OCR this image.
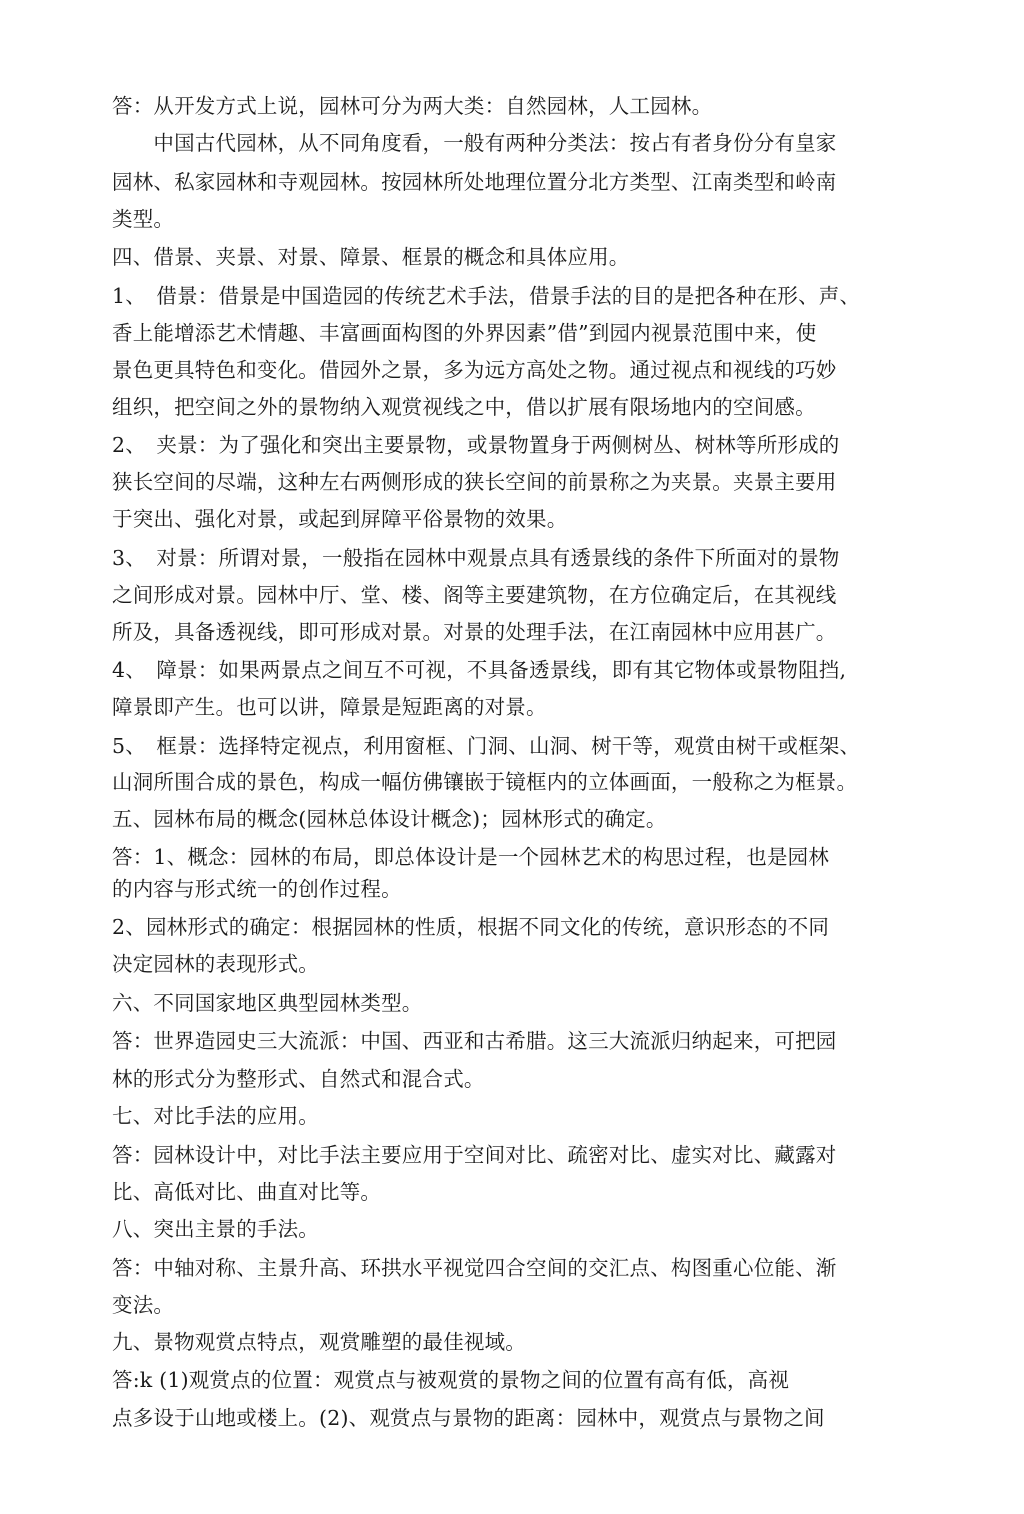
答：从开发方式上说，园林可分为两大类：自然园林，人工园林。
　　中国古代园林，从不同角度看，一般有两种分类法：按占有者身份分有皇家
园林、私家园林和寺观园林。按园林所处地理位置分北方类型、江南类型和岭南
类型。
四、借景、夹景、对景、障景、框景的概念和具体应用。
1、　借景：借景是中国造园的传统艺术手法，借景手法的目的是把各种在形、声、
香上能增添艺术情趣、丰富画面构图的外界因素”借”到园内视景范围中来，使
景色更具特色和变化。借园外之景，多为远方高处之物。通过视点和视线的巧妙
组织，把空间之外的景物纳入观赏视线之中，借以扩展有限场地内的空间感。
2、　夹景：为了强化和突出主要景物，或景物置身于两侧树丛、树林等所形成的
狭长空间的尽端，这种左右两侧形成的狭长空间的前景称之为夹景。夹景主要用
于突出、强化对景，或起到屏障平俗景物的效果。
3、　对景：所谓对景，一般指在园林中观景点具有透景线的条件下所面对的景物
之间形成对景。园林中厅、堂、楼、阁等主要建筑物，在方位确定后，在其视线
所及，具备透视线，即可形成对景。对景的处理手法，在江南园林中应用甚广。
4、　障景：如果两景点之间互不可视，不具备透景线，即有其它物体或景物阻挡,
障景即产生。也可以讲，障景是短距离的对景。
5、　框景：选择特定视点，利用窗框、门洞、山洞、树干等，观赏由树干或框架、
山洞所围合成的景色，构成一幅仿佛镶嵌于镜框内的立体画面，一般称之为框景。
五、园林布局的概念(园林总体设计概念)；园林形式的确定。
答：1、概念：园林的布局，即总体设计是一个园林艺术的构思过程，也是园林
的内容与形式统一的创作过程。
2、园林形式的确定：根据园林的性质，根据不同文化的传统，意识形态的不同
决定园林的表现形式。
六、不同国家地区典型园林类型。
答：世界造园史三大流派：中国、西亚和古希腊。这三大流派归纳起来，可把园
林的形式分为整形式、自然式和混合式。
七、对比手法的应用。
答：园林设计中，对比手法主要应用于空间对比、疏密对比、虚实对比、藏露对
比、高低对比、曲直对比等。
八、突出主景的手法。
答：中轴对称、主景升高、环拱水平视觉四合空间的交汇点、构图重心位能、渐
变法。
九、景物观赏点特点，观赏雕塑的最佳视域。
答:k (1)观赏点的位置：观赏点与被观赏的景物之间的位置有高有低，高视
点多设于山地或楼上。(2)、观赏点与景物的距离：园林中，观赏点与景物之间
